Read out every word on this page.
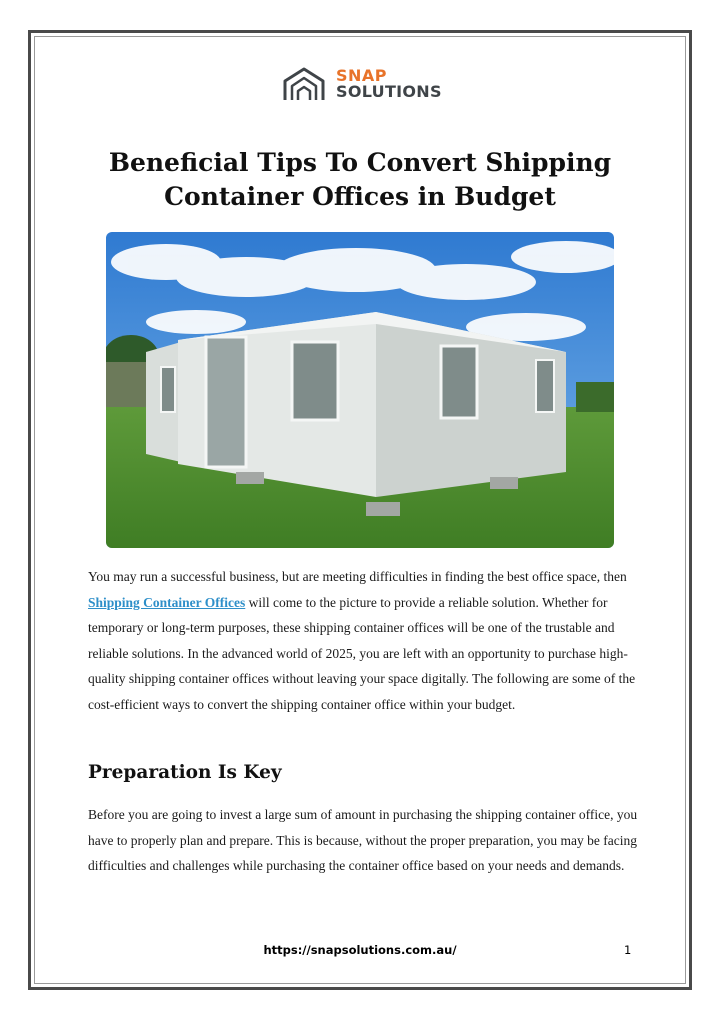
SNAP
SOLUTIONS
Beneficial Tips To Convert Shipping
Container Offices in Budget
You may run a successful business, but are meeting difficulties in finding the best office space, then Shipping Container Offices will come to the picture to provide a reliable solution. Whether for temporary or long-term purposes, these shipping container offices will be one of the trustable and reliable solutions. In the advanced world of 2025, you are left with an opportunity to purchase high-quality shipping container offices without leaving your space digitally. The following are some of the cost-efficient ways to convert the shipping container office within your budget.
Preparation Is Key
Before you are going to invest a large sum of amount in purchasing the shipping container office, you have to properly plan and prepare. This is because, without the proper preparation, you may be facing difficulties and challenges while purchasing the container office based on your needs and demands.
https://snapsolutions.com.au/	1
